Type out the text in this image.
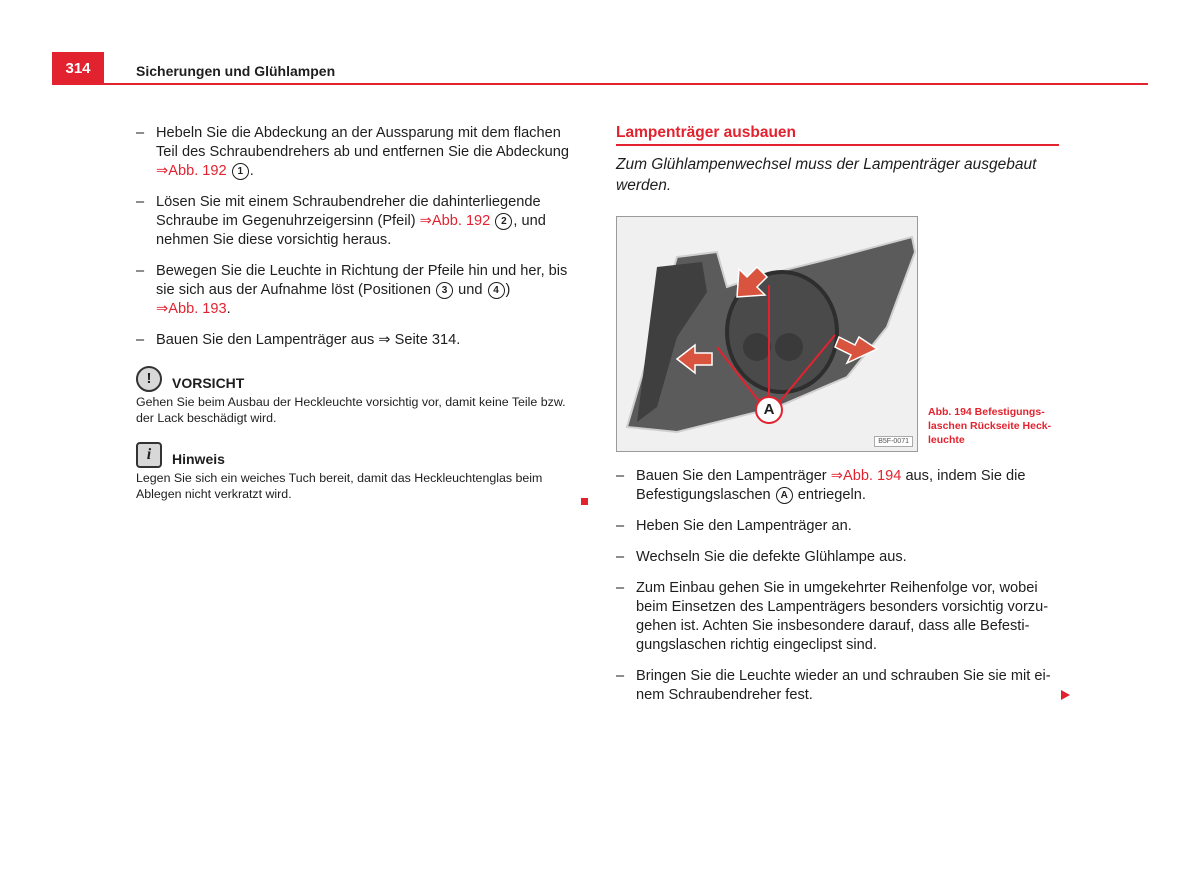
314	Sicherungen und Glühlampen
– Hebeln Sie die Abdeckung an der Aussparung mit dem flachen Teil des Schraubendrehers ab und entfernen Sie die Abdeckung ⇒Abb. 192 1 .
– Lösen Sie mit einem Schraubendreher die dahinterliegende Schraube im Gegenuhrzeigersinn (Pfeil) ⇒Abb. 192 2 , und nehmen Sie diese vorsichtig heraus.
– Bewegen Sie die Leuchte in Richtung der Pfeile hin und her, bis sie sich aus der Aufnahme löst (Positionen 3 und 4 )
⇒Abb. 193.
– Bauen Sie den Lampenträger aus ⇒ Seite 314.
!	VORSICHT
Gehen Sie beim Ausbau der Heckleuchte vorsichtig vor, damit keine Teile bzw. der Lack beschädigt wird.
i	Hinweis
Legen Sie sich ein weiches Tuch bereit, damit das Heckleuchtenglas beim Ablegen nicht verkratzt wird.
Lampenträger ausbauen
Zum Glühlampenwechsel muss der Lampenträger ausgebaut werden.
A
B5F-0071
Abb. 194 Befestigungslaschen Rückseite Heckleuchte
– Bauen Sie den Lampenträger ⇒Abb. 194 aus, indem Sie die Befestigungslaschen A entriegeln.
– Heben Sie den Lampenträger an.
– Wechseln Sie die defekte Glühlampe aus.
– Zum Einbau gehen Sie in umgekehrter Reihenfolge vor, wobei beim Einsetzen des Lampenträgers besonders vorsichtig vorzugehen ist. Achten Sie insbesondere darauf, dass alle Befestigungslaschen richtig eingeclipst sind.
– Bringen Sie die Leuchte wieder an und schrauben Sie sie mit einem Schraubendreher fest.
